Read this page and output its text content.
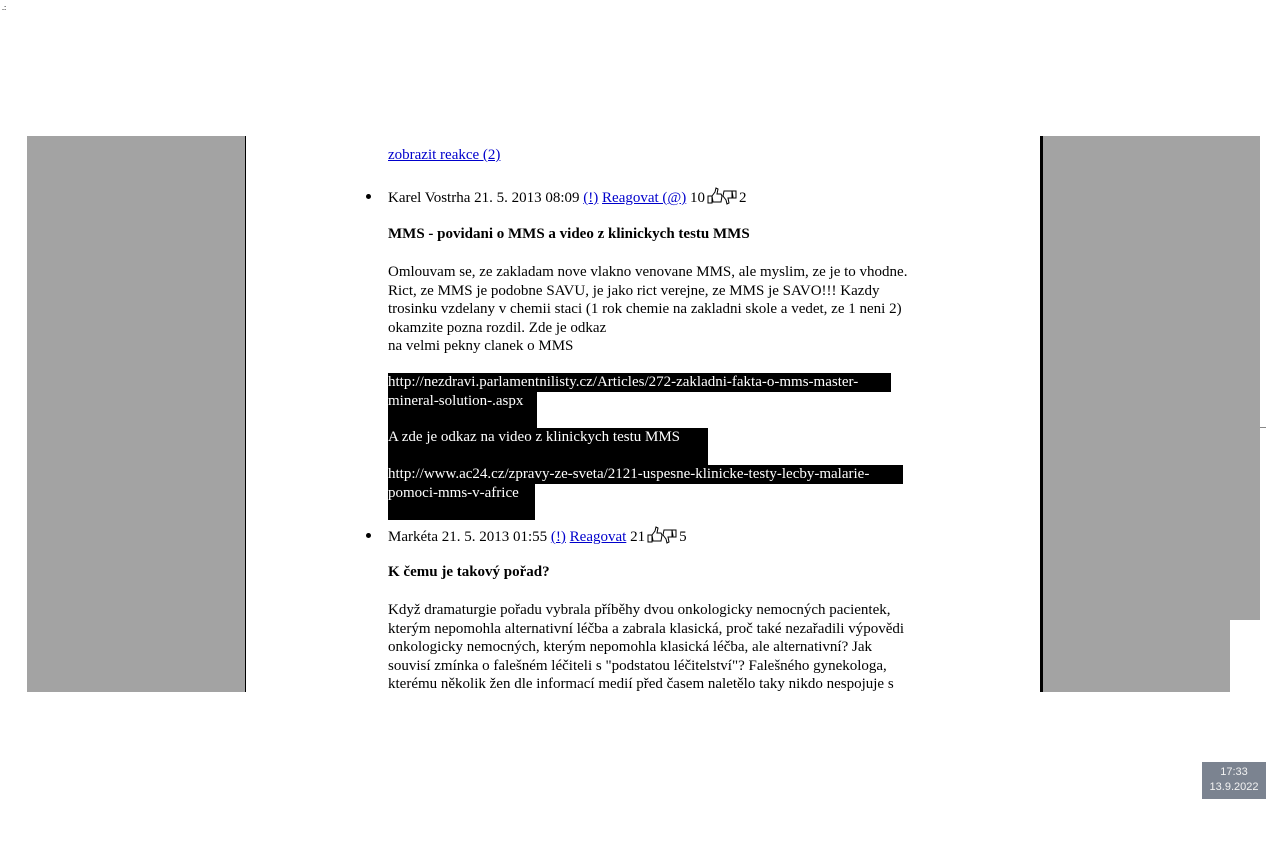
.:
zobrazit reakce (2)
Karel Vostrha 21. 5. 2013 08:09 (!) Reagovat (@) 10 2
MMS - povidani o MMS a video z klinickych testu MMS
Omlouvam se, ze zakladam nove vlakno venovane MMS, ale myslim, ze je to vhodne.
Rict, ze MMS je podobne SAVU, je jako rict verejne, ze MMS je SAVO!!! Kazdy
trosinku vzdelany v chemii staci (1 rok chemie na zakladni skole a vedet, ze 1 neni 2)
okamzite pozna rozdil. Zde je odkaz
na velmi pekny clanek o MMS
http://nezdravi.parlamentnilisty.cz/Articles/272-zakladni-fakta-o-mms-master-
mineral-solution-.aspx
A zde je odkaz na video z klinickych testu MMS
http://www.ac24.cz/zpravy-ze-sveta/2121-uspesne-klinicke-testy-lecby-malarie-
pomoci-mms-v-africe
Markéta 21. 5. 2013 01:55 (!) Reagovat 21 5
K čemu je takový pořad?
Když dramaturgie pořadu vybrala příběhy dvou onkologicky nemocných pacientek,
kterým nepomohla alternativní léčba a zabrala klasická, proč také nezařadili výpovědi
onkologicky nemocných, kterým nepomohla klasická léčba, ale alternativní? Jak
souvisí zmínka o falešném léčiteli s "podstatou léčitelství"? Falešného gynekologa,
kterému několik žen dle informací medií před časem naletělo taky nikdo nespojuje s
17:33
13.9.2022
